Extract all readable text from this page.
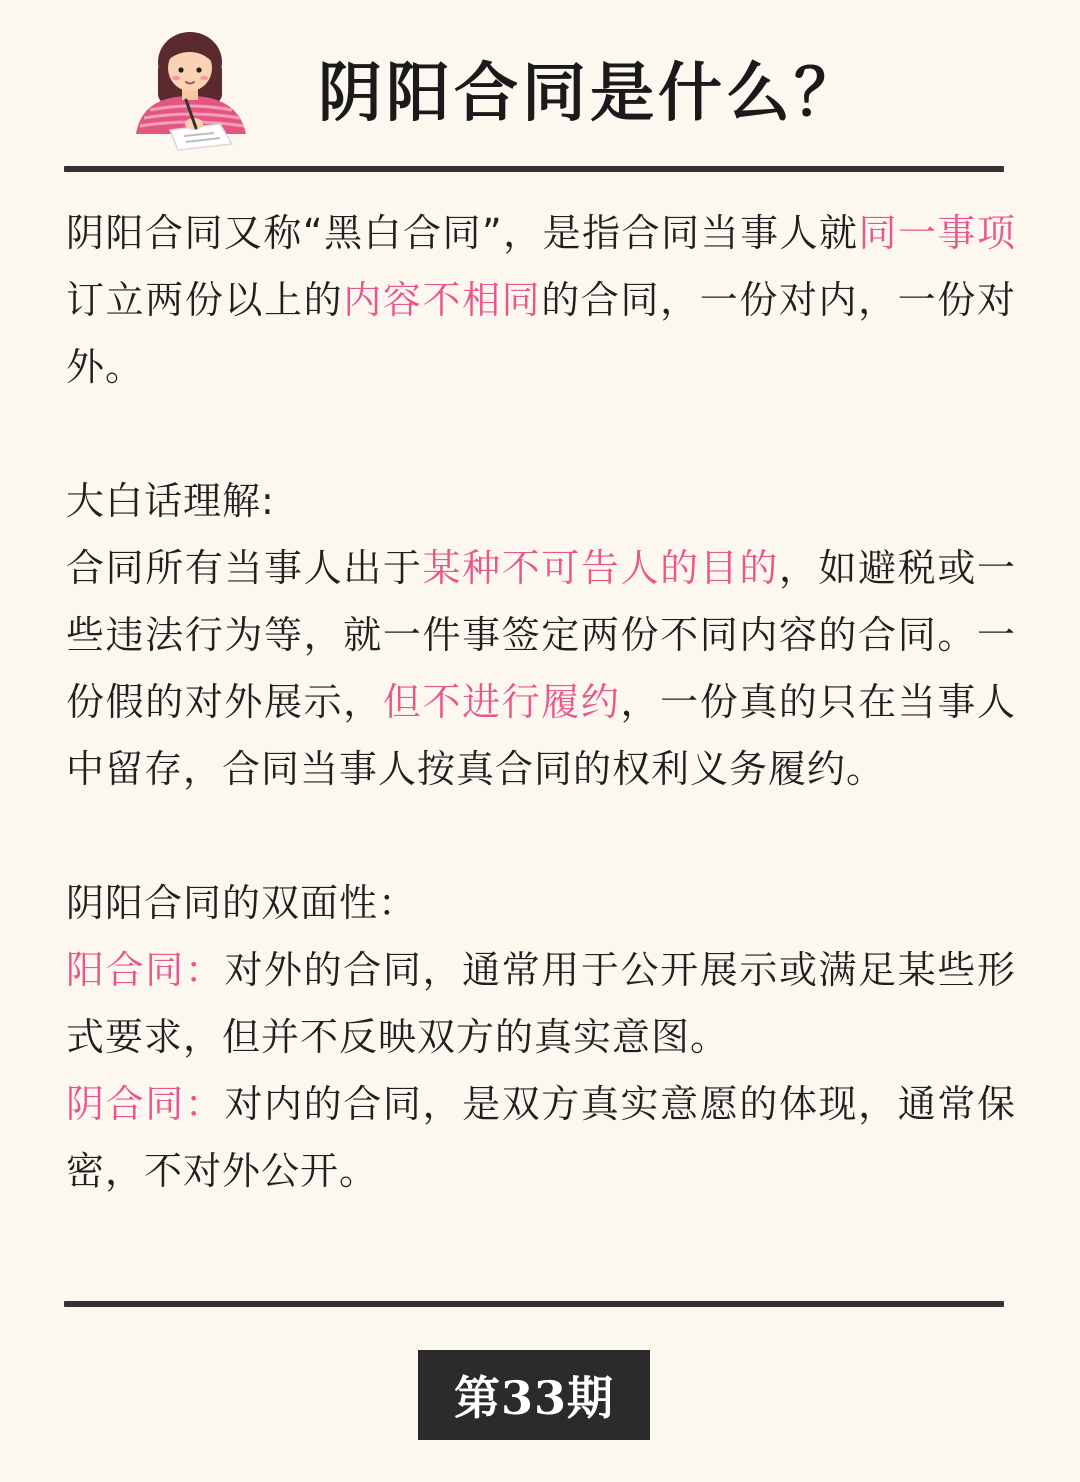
阴阳合同是什么？

阴阳合同又称“黑白合同”，是指合同当事人就同一事项订立两份以上的内容不相同的合同，一份对内，一份对外。

大白话理解:

合同所有当事人出于某种不可告人的目的，如避税或一些违法行为等，就一件事签定两份不同内容的合同。一份假的对外展示，但不进行履约，一份真的只在当事人中留存，合同当事人按真合同的权利义务履约。

阴阳合同的双面性：

阳合同：对外的合同，通常用于公开展示或满足某些形式要求，但并不反映双方的真实意图。

阴合同：对内的合同，是双方真实意愿的体现，通常保密，不对外公开。

第33期
